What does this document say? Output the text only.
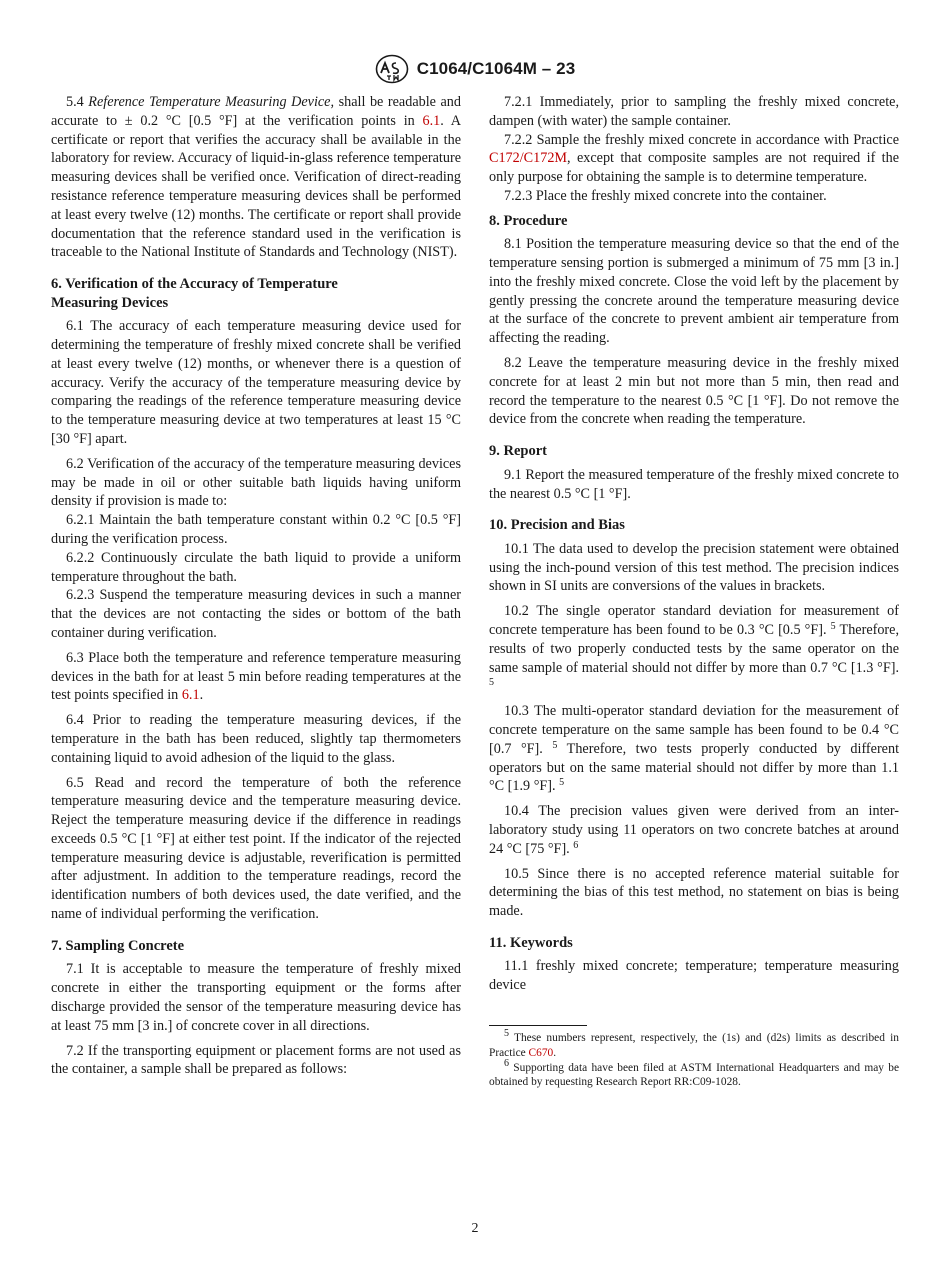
C1064/C1064M – 23

5.4 Reference Temperature Measuring Device, shall be readable and accurate to ± 0.2 °C [0.5 °F] at the verification points in 6.1. A certificate or report that verifies the accuracy shall be available in the laboratory for review. Accuracy of liquid-in-glass reference temperature measuring devices shall be verified once. Verification of direct-reading resistance reference temperature measuring devices shall be performed at least every twelve (12) months. The certificate or report shall provide documentation that the reference standard used in the verification is traceable to the National Institute of Standards and Technology (NIST).

6. Verification of the Accuracy of Temperature
Measuring Devices

6.1 The accuracy of each temperature measuring device used for determining the temperature of freshly mixed concrete shall be verified at least every twelve (12) months, or whenever there is a question of accuracy. Verify the accuracy of the temperature measuring device by comparing the readings of the reference temperature measuring device to the temperature measuring device at two temperatures at least 15 °C [30 °F] apart.

6.2 Verification of the accuracy of the temperature measuring devices may be made in oil or other suitable bath liquids having uniform density if provision is made to:

6.2.1 Maintain the bath temperature constant within 0.2 °C [0.5 °F] during the verification process.

6.2.2 Continuously circulate the bath liquid to provide a uniform temperature throughout the bath.

6.2.3 Suspend the temperature measuring devices in such a manner that the devices are not contacting the sides or bottom of the bath container during verification.

6.3 Place both the temperature and reference temperature measuring devices in the bath for at least 5 min before reading temperatures at the test points specified in 6.1.

6.4 Prior to reading the temperature measuring devices, if the temperature in the bath has been reduced, slightly tap thermometers containing liquid to avoid adhesion of the liquid to the glass.

6.5 Read and record the temperature of both the reference temperature measuring device and the temperature measuring device. Reject the temperature measuring device if the difference in readings exceeds 0.5 °C [1 °F] at either test point. If the indicator of the rejected temperature measuring device is adjustable, reverification is permitted after adjustment. In addition to the temperature readings, record the identification numbers of both devices used, the date verified, and the name of individual performing the verification.

7. Sampling Concrete

7.1 It is acceptable to measure the temperature of freshly mixed concrete in either the transporting equipment or the forms after discharge provided the sensor of the temperature measuring device has at least 75 mm [3 in.] of concrete cover in all directions.

7.2 If the transporting equipment or placement forms are not used as the container, a sample shall be prepared as follows:

7.2.1 Immediately, prior to sampling the freshly mixed concrete, dampen (with water) the sample container.

7.2.2 Sample the freshly mixed concrete in accordance with Practice C172/C172M, except that composite samples are not required if the only purpose for obtaining the sample is to determine temperature.

7.2.3 Place the freshly mixed concrete into the container.

8. Procedure

8.1 Position the temperature measuring device so that the end of the temperature sensing portion is submerged a minimum of 75 mm [3 in.] into the freshly mixed concrete. Close the void left by the placement by gently pressing the concrete around the temperature measuring device at the surface of the concrete to prevent ambient air temperature from affecting the reading.

8.2 Leave the temperature measuring device in the freshly mixed concrete for at least 2 min but not more than 5 min, then read and record the temperature to the nearest 0.5 °C [1 °F]. Do not remove the device from the concrete when reading the temperature.

9. Report

9.1 Report the measured temperature of the freshly mixed concrete to the nearest 0.5 °C [1 °F].

10. Precision and Bias

10.1 The data used to develop the precision statement were obtained using the inch-pound version of this test method. The precision indices shown in SI units are conversions of the values in brackets.

10.2 The single operator standard deviation for measurement of concrete temperature has been found to be 0.3 °C [0.5 °F]. $^5$ Therefore, results of two properly conducted tests by the same operator on the same sample of material should not differ by more than 0.7 °C [1.3 °F]. $^5$

10.3 The multi-operator standard deviation for the measurement of concrete temperature on the same sample has been found to be 0.4 °C [0.7 °F]. $^5$ Therefore, two tests properly conducted by different operators but on the same material should not differ by more than 1.1 °C [1.9 °F]. $^5$

10.4 The precision values given were derived from an inter-laboratory study using 11 operators on two concrete batches at around 24 °C [75 °F]. $^6$

10.5 Since there is no accepted reference material suitable for determining the bias of this test method, no statement on bias is being made.

11. Keywords

11.1 freshly mixed concrete; temperature; temperature measuring device

$^5$ These numbers represent, respectively, the (1s) and (d2s) limits as described in Practice C670.
$^6$ Supporting data have been filed at ASTM International Headquarters and may be obtained by requesting Research Report RR:C09-1028.
2
